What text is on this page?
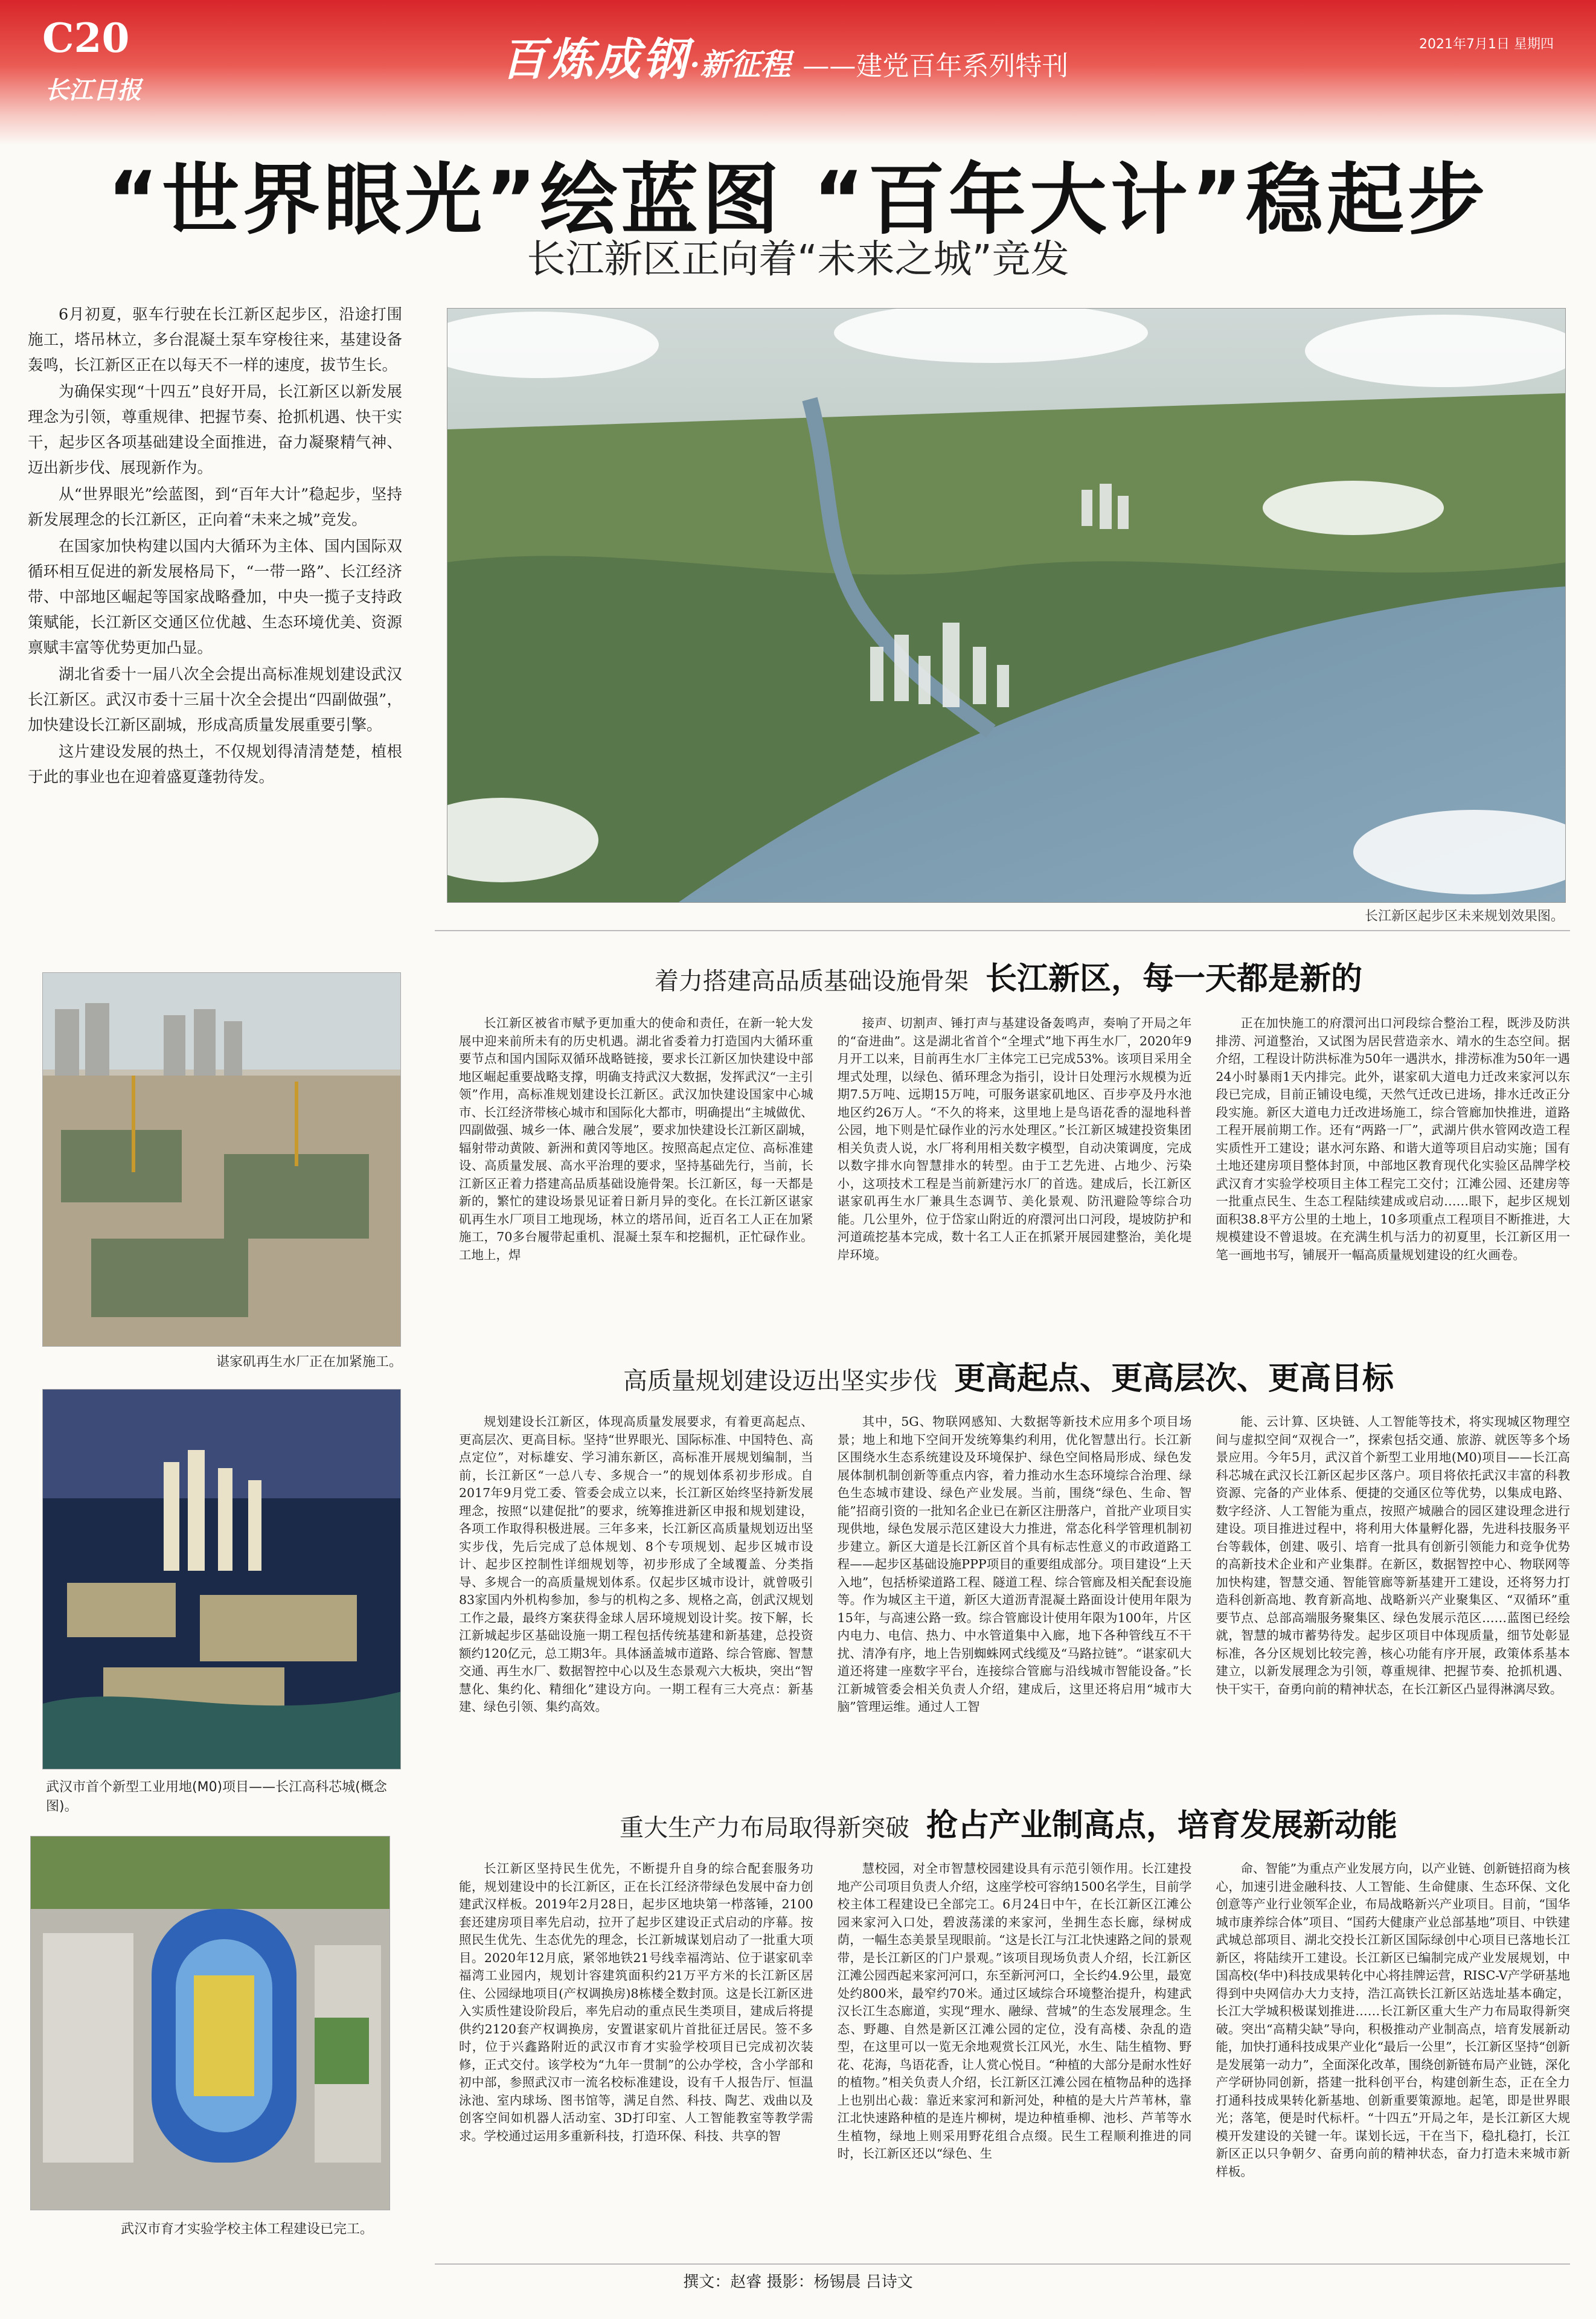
C20
长江日报
百炼成钢·新征程 ——建党百年系列特刊
2021年7月1日 星期四
“世界眼光”绘蓝图 “百年大计”稳起步
长江新区正向着“未来之城”竞发

6月初夏，驱车行驶在长江新区起步区，沿途打围施工，塔吊林立，多台混凝土泵车穿梭往来，基建设备轰鸣，长江新区正在以每天不一样的速度，拔节生长。

为确保实现“十四五”良好开局，长江新区以新发展理念为引领，尊重规律、把握节奏、抢抓机遇、快干实干，起步区各项基础建设全面推进，奋力凝聚精气神、迈出新步伐、展现新作为。

从“世界眼光”绘蓝图，到“百年大计”稳起步，坚持新发展理念的长江新区，正向着“未来之城”竞发。

在国家加快构建以国内大循环为主体、国内国际双循环相互促进的新发展格局下，“一带一路”、长江经济带、中部地区崛起等国家战略叠加，中央一揽子支持政策赋能，长江新区交通区位优越、生态环境优美、资源禀赋丰富等优势更加凸显。

湖北省委十一届八次全会提出高标准规划建设武汉长江新区。武汉市委十三届十次全会提出“四副做强”，加快建设长江新区副城，形成高质量发展重要引擎。

这片建设发展的热土，不仅规划得清清楚楚，植根于此的事业也在迎着盛夏蓬勃待发。

长江新区起步区未来规划效果图。
谌家矶再生水厂正在加紧施工。
武汉市首个新型工业用地(M0)项目——长江高科芯城(概念图)。
武汉市育才实验学校主体工程建设已完工。
着力搭建高品质基础设施骨架 长江新区，每一天都是新的

长江新区被省市赋予更加重大的使命和责任，在新一轮大发展中迎来前所未有的历史机遇。湖北省委着力打造国内大循环重要节点和国内国际双循环战略链接，要求长江新区加快建设中部地区崛起重要战略支撑，明确支持武汉大数据，发挥武汉“一主引领”作用，高标准规划建设长江新区。武汉加快建设国家中心城市、长江经济带核心城市和国际化大都市，明确提出“主城做优、四副做强、城乡一体、融合发展”，要求加快建设长江新区副城，辐射带动黄陂、新洲和黄冈等地区。按照高起点定位、高标准建设、高质量发展、高水平治理的要求，坚持基础先行，当前，长江新区正着力搭建高品质基础设施骨架。长江新区，每一天都是新的，繁忙的建设场景见证着日新月异的变化。在长江新区谌家矶再生水厂项目工地现场，林立的塔吊间，近百名工人正在加紧施工，70多台履带起重机、混凝土泵车和挖掘机，正忙碌作业。工地上，焊

接声、切割声、锤打声与基建设备轰鸣声，奏响了开局之年的“奋进曲”。这是湖北省首个“全埋式”地下再生水厂，2020年9月开工以来，目前再生水厂主体完工已完成53%。该项目采用全埋式处理，以绿色、循环理念为指引，设计日处理污水规模为近期7.5万吨、远期15万吨，可服务谌家矶地区、百步亭及丹水池地区约26万人。“不久的将来，这里地上是鸟语花香的湿地科普公园，地下则是忙碌作业的污水处理区。”长江新区城建投资集团相关负责人说，水厂将利用相关数字模型，自动决策调度，完成以数字排水向智慧排水的转型。由于工艺先进、占地少、污染小，这项技术工程是当前新建污水厂的首选。建成后，长江新区谌家矶再生水厂兼具生态调节、美化景观、防汛避险等综合功能。几公里外，位于岱家山附近的府澴河出口河段，堤坡防护和河道疏挖基本完成，数十名工人正在抓紧开展园建整治，美化堤岸环境。

正在加快施工的府澴河出口河段综合整治工程，既涉及防洪排涝、河道整治，又试图为居民营造亲水、靖水的生态空间。据介绍，工程设计防洪标准为50年一遇洪水，排涝标准为50年一遇24小时暴雨1天内排完。此外，谌家矶大道电力迁改来家河以东段已完成，目前正铺设电缆，天然气迁改已进场，排水迁改正分段实施。新区大道电力迁改进场施工，综合管廊加快推进，道路工程开展前期工作。还有“两路一厂”，武湖片供水管网改造工程实质性开工建设；谌水河东路、和谐大道等项目启动实施；国有土地还建房项目整体封顶，中部地区教育现代化实验区品牌学校武汉育才实验学校项目主体工程完工交付；江滩公园、还建房等一批重点民生、生态工程陆续建成或启动……眼下，起步区规划面积38.8平方公里的土地上，10多项重点工程项目不断推进，大规模建设不曾退坡。在充满生机与活力的初夏里，长江新区用一笔一画地书写，铺展开一幅高质量规划建设的红火画卷。

高质量规划建设迈出坚实步伐 更高起点、更高层次、更高目标

规划建设长江新区，体现高质量发展要求，有着更高起点、更高层次、更高目标。坚持“世界眼光、国际标准、中国特色、高点定位”，对标雄安、学习浦东新区，高标准开展规划编制，当前，长江新区“一总八专、多规合一”的规划体系初步形成。自2017年9月党工委、管委会成立以来，长江新区始终坚持新发展理念，按照“以建促批”的要求，统筹推进新区申报和规划建设，各项工作取得积极进展。三年多来，长江新区高质量规划迈出坚实步伐，先后完成了总体规划、8个专项规划、起步区城市设计、起步区控制性详细规划等，初步形成了全域覆盖、分类指导、多规合一的高质量规划体系。仅起步区城市设计，就曾吸引83家国内外机构参加，参与的机构之多、规格之高，创武汉规划工作之最，最终方案获得金球人居环境规划设计奖。按下解，长江新城起步区基础设施一期工程包括传统基建和新基建，总投资额约120亿元，总工期3年。具体涵盖城市道路、综合管廊、智慧交通、再生水厂、数据智控中心以及生态景观六大板块，突出“智慧化、集约化、精细化”建设方向。一期工程有三大亮点：新基建、绿色引领、集约高效。

其中，5G、物联网感知、大数据等新技术应用多个项目场景；地上和地下空间开发统筹集约利用，优化智慧出行。长江新区围绕水生态系统建设及环境保护、绿色空间格局形成、绿色发展体制机制创新等重点内容，着力推动水生态环境综合治理、绿色生态城市建设、绿色产业发展。当前，围绕“绿色、生命、智能”招商引资的一批知名企业已在新区注册落户，首批产业项目实现供地，绿色发展示范区建设大力推进，常态化科学管理机制初步建立。新区大道是长江新区首个具有标志性意义的市政道路工程——起步区基础设施PPP项目的重要组成部分。项目建设“上天入地”，包括桥梁道路工程、隧道工程、综合管廊及相关配套设施等。作为城区主干道，新区大道沥青混凝土路面设计使用年限为15年，与高速公路一致。综合管廊设计使用年限为100年，片区内电力、电信、热力、中水管道集中入廊，地下各种管线互不干扰、清净有序，地上告别蜘蛛网式线缆及“马路拉链”。“谌家矶大道还将建一座数字平台，连接综合管廊与沿线城市智能设备。”长江新城管委会相关负责人介绍，建成后，这里还将启用“城市大脑”管理运维。通过人工智

能、云计算、区块链、人工智能等技术，将实现城区物理空间与虚拟空间“双视合一”，探索包括交通、旅游、就医等多个场景应用。今年5月，武汉首个新型工业用地(M0)项目——长江高科芯城在武汉长江新区起步区落户。项目将依托武汉丰富的科教资源、完备的产业体系、便捷的交通区位等优势，以集成电路、数字经济、人工智能为重点，按照产城融合的园区建设理念进行建设。项目推进过程中，将利用大体量孵化器，先进科技服务平台等载体，创建、吸引、培育一批具有创新引领能力和竞争优势的高新技术企业和产业集群。在新区，数据智控中心、物联网等加快构建，智慧交通、智能管廊等新基建开工建设，还将努力打造科创新高地、教育新高地、战略新兴产业聚集区、“双循环”重要节点、总部高端服务聚集区、绿色发展示范区……蓝图已经绘就，智慧的城市蓄势待发。起步区项目中体现质量，细节处彰显标准，各分区规划比较完善，核心功能有序开展，政策体系基本建立，以新发展理念为引领，尊重规律、把握节奏、抢抓机遇、快干实干，奋勇向前的精神状态，在长江新区凸显得淋漓尽致。

重大生产力布局取得新突破 抢占产业制高点，培育发展新动能

长江新区坚持民生优先，不断提升自身的综合配套服务功能，规划建设中的长江新区，正在长江经济带绿色发展中奋力创建武汉样板。2019年2月28日，起步区地块第一栉落锤，2100套还建房项目率先启动，拉开了起步区建设正式启动的序幕。按照民生优先、生态优先的理念，长江新城谋划启动了一批重大项目。2020年12月底，紧邻地铁21号线幸福湾站、位于谌家矶幸福湾工业园内，规划计容建筑面积约21万平方米的长江新区居住、公园绿地项目(产权调换房)8栋楼全数封顶。这是长江新区进入实质性建设阶段后，率先启动的重点民生类项目，建成后将提供约2120套产权调换房，安置谌家矶片首批征迁居民。签不多时，位于兴鑫路附近的武汉市育才实验学校项目已完成初次装修，正式交付。该学校为“九年一贯制”的公办学校，含小学部和初中部，参照武汉市一流名校标准建设，设有千人报告厅、恒温泳池、室内球场、图书馆等，满足自然、科技、陶艺、戏曲以及创客空间如机器人活动室、3D打印室、人工智能教室等教学需求。学校通过运用多重新科技，打造环保、科技、共享的智

慧校园，对全市智慧校园建设具有示范引领作用。长江建投地产公司项目负责人介绍，这座学校可容纳1500名学生，目前学校主体工程建设已全部完工。6月24日中午，在长江新区江滩公园来家河入口处，碧波荡漾的来家河，坐拥生态长廊，绿树成荫，一幅生态美景呈现眼前。“这是长江与江北快速路之间的景观带，是长江新区的门户景观。”该项目现场负责人介绍，长江新区江滩公园西起来家河河口，东至新河河口，全长约4.9公里，最宽处约800米，最窄约70米。通过区域综合环境整治提升，构建武汉长江生态廊道，实现“理水、融绿、营城”的生态发展理念。生态、野趣、自然是新区江滩公园的定位，没有高楼、杂乱的造型，在这里可以一览无余地观赏长江风光，水生、陆生植物、野花、花海，鸟语花香，让人赏心悦目。“种植的大部分是耐水性好的植物。”相关负责人介绍，长江新区江滩公园在植物品种的选择上也别出心裁：靠近来家河和新河处，种植的是大片芦苇林，靠江北快速路种植的是连片柳树，堤边种植垂柳、池杉、芦苇等水生植物，绿地上则采用野花组合点缀。民生工程顺利推进的同时，长江新区还以“绿色、生

命、智能”为重点产业发展方向，以产业链、创新链招商为核心，加速引进金融科技、人工智能、生命健康、生态环保、文化创意等产业行业领军企业，布局战略新兴产业项目。目前，“国华城市康养综合体”项目、“国药大健康产业总部基地”项目、中铁建武城总部项目、湖北交投长江新区国际绿创中心项目已落地长江新区，将陆续开工建设。长江新区已编制完成产业发展规划，中国高校(华中)科技成果转化中心将挂牌运营，RISC-V产学研基地得到中央网信办大力支持，浩江高铁长江新区站选址基本确定，长江大学城积极谋划推进……长江新区重大生产力布局取得新突破。突出“高精尖缺”导向，积极推动产业制高点，培育发展新动能，加快打通科技成果产业化“最后一公里”，长江新区坚持“创新是发展第一动力”，全面深化改革，围绕创新链布局产业链，深化产学研协同创新，搭建一批科创平台，构建创新生态，正在全力打通科技成果转化新基地、创新重要策源地。起笔，即是世界眼光；落笔，便是时代标杆。“十四五”开局之年，是长江新区大规模开发建设的关键一年。谋划长远，干在当下，稳扎稳打，长江新区正以只争朝夕、奋勇向前的精神状态，奋力打造未来城市新样板。

撰文：赵睿 摄影：杨锡晨 吕诗文
